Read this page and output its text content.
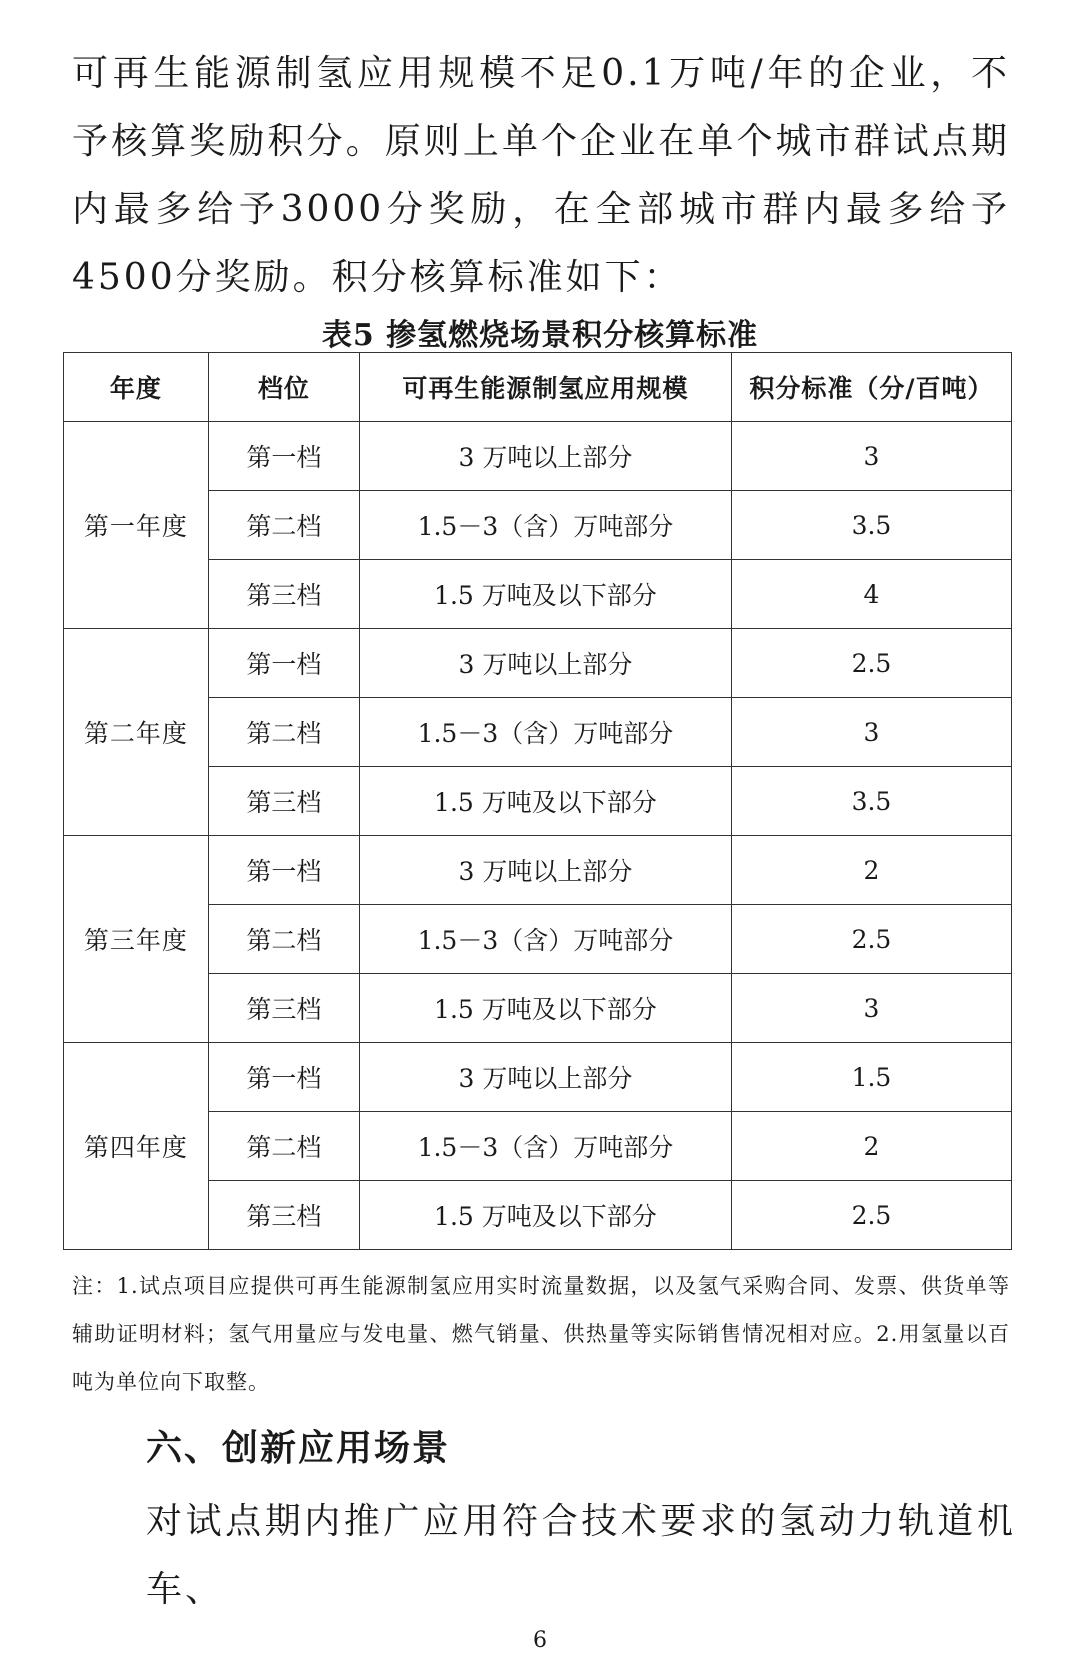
可再生能源制氢应用规模不足0.1万吨/年的企业，不予核算奖励积分。原则上单个企业在单个城市群试点期内最多给予3000分奖励，在全部城市群内最多给予4500分奖励。积分核算标准如下：

表5 掺氢燃烧场景积分核算标准
年度	档位	可再生能源制氢应用规模	积分标准（分/百吨）
第一年度	第一档	3 万吨以上部分	3
	第二档	1.5－3（含）万吨部分	3.5
	第三档	1.5 万吨及以下部分	4
第二年度	第一档	3 万吨以上部分	2.5
	第二档	1.5－3（含）万吨部分	3
	第三档	1.5 万吨及以下部分	3.5
第三年度	第一档	3 万吨以上部分	2
	第二档	1.5－3（含）万吨部分	2.5
	第三档	1.5 万吨及以下部分	3
第四年度	第一档	3 万吨以上部分	1.5
	第二档	1.5－3（含）万吨部分	2
	第三档	1.5 万吨及以下部分	2.5

注：1.试点项目应提供可再生能源制氢应用实时流量数据，以及氢气采购合同、发票、供货单等辅助证明材料；氢气用量应与发电量、燃气销量、供热量等实际销售情况相对应。2.用氢量以百吨为单位向下取整。

六、创新应用场景

对试点期内推广应用符合技术要求的氢动力轨道机车、

6
